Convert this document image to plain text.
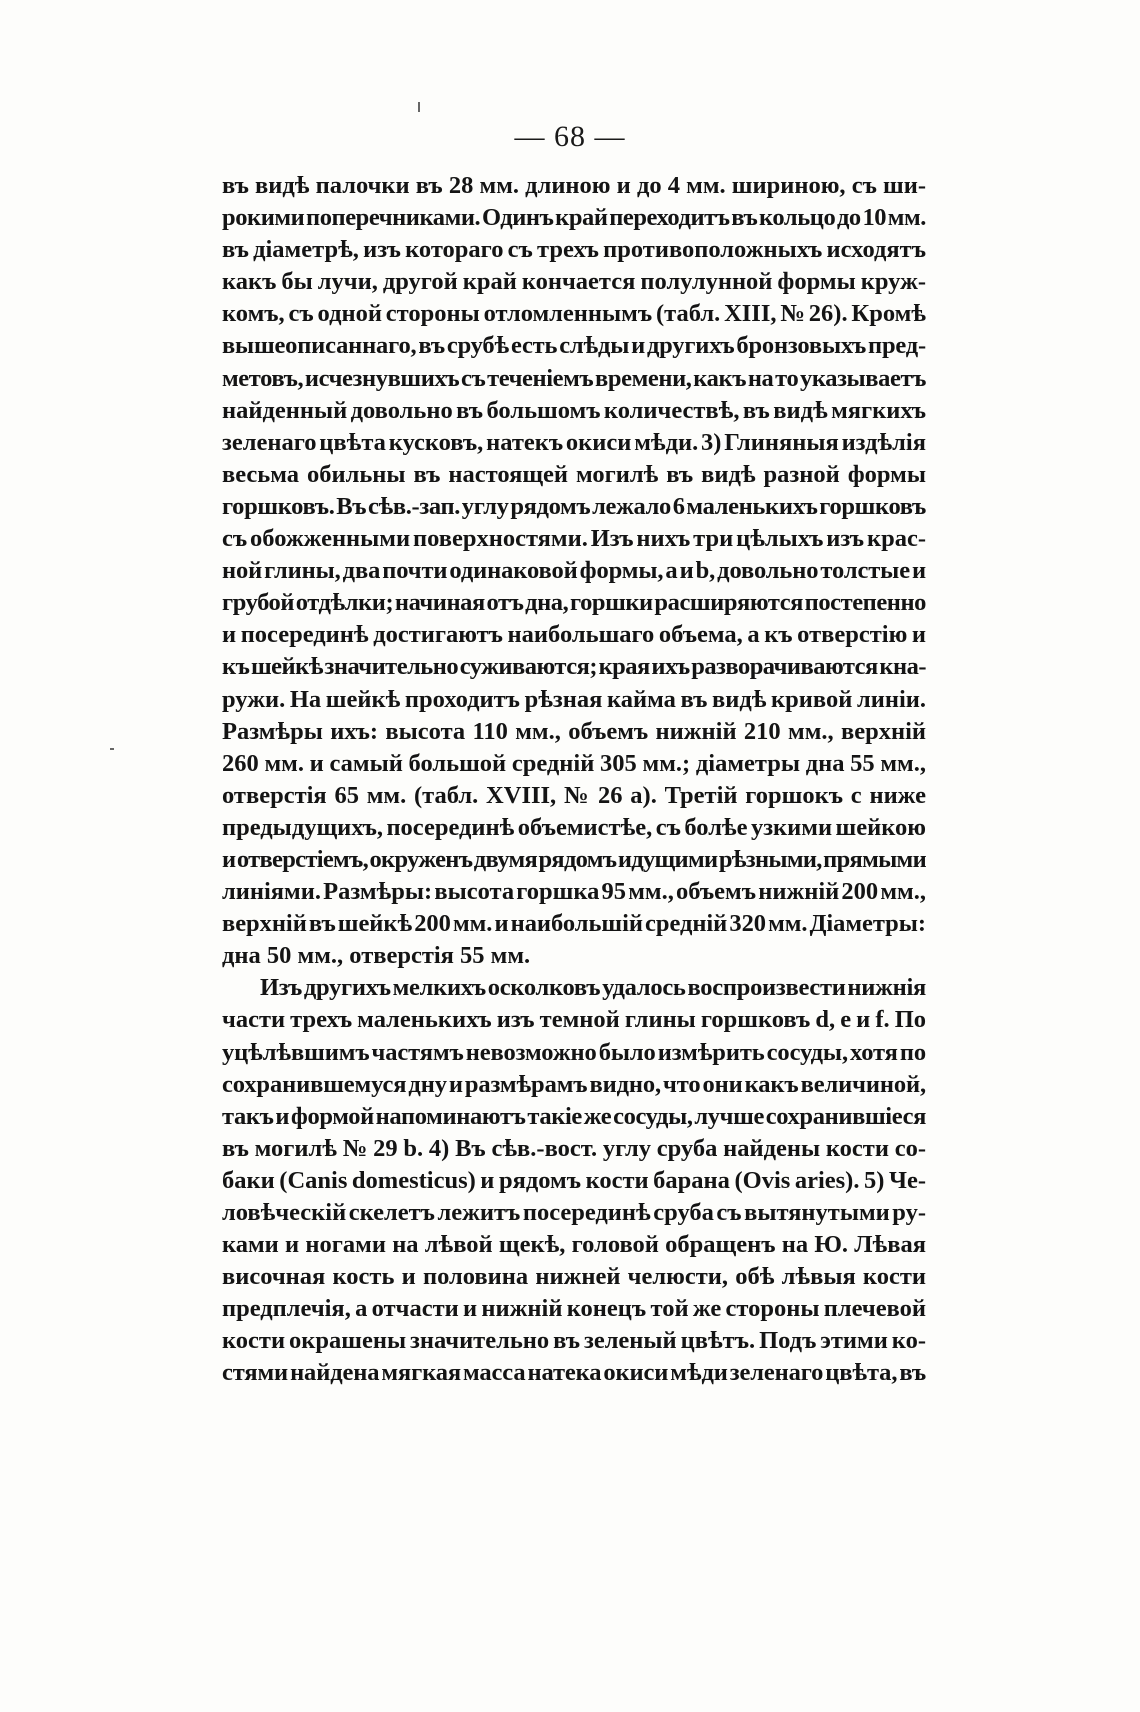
— 68 —
въ видѣ палочки въ 28 мм. длиною и до 4 мм. шириною, съ ши-
рокими поперечниками. Одинъ край переходитъ въ кольцо до 10 мм.
въ діаметрѣ, изъ котораго съ трехъ противоположныхъ исходятъ
какъ бы лучи, другой край кончается полулунной формы круж-
комъ, съ одной стороны отломленнымъ (табл. XIII, № 26). Кромѣ
вышеописаннаго, въ срубѣ есть слѣды и другихъ бронзовыхъ пред-
метовъ, исчезнувшихъ съ теченіемъ времени, какъ на то указываетъ
найденный довольно въ большомъ количествѣ, въ видѣ мягкихъ
зеленаго цвѣта кусковъ, натекъ окиси мѣди. 3) Глиняныя издѣлія
весьма обильны въ настоящей могилѣ въ видѣ разной формы
горшковъ. Въ сѣв.-зап. углу рядомъ лежало 6 маленькихъ горшковъ
съ обожженными поверхностями. Изъ нихъ три цѣлыхъ изъ крас-
ной глины, два почти одинаковой формы, a и b, довольно толстые и
грубой отдѣлки; начиная отъ дна, горшки расширяются постепенно
и посерединѣ достигаютъ наибольшаго объема, а къ отверстію и
къ шейкѣ значительно суживаются; края ихъ разворачиваются кна-
ружи. На шейкѣ проходитъ рѣзная кайма въ видѣ кривой линіи.
Размѣры ихъ: высота 110 мм., объемъ нижній 210 мм., верхній
260 мм. и самый большой средній 305 мм.; діаметры дна 55 мм.,
отверстія 65 мм. (табл. XVIII, № 26 a). Третій горшокъ c ниже
предыдущихъ, посерединѣ объемистѣе, съ болѣе узкими шейкою
и отверстіемъ, окруженъ двумя рядомъ идущими рѣзными, прямыми
линіями. Размѣры: высота горшка 95 мм., объемъ нижній 200 мм.,
верхній въ шейкѣ 200 мм. и наибольшій средній 320 мм. Діаметры:
дна 50 мм., отверстія 55 мм.
Изъ другихъ мелкихъ осколковъ удалось воспроизвести нижнія
части трехъ маленькихъ изъ темной глины горшковъ d, e и f. По
уцѣлѣвшимъ частямъ невозможно было измѣрить сосуды, хотя по
сохранившемуся дну и размѣрамъ видно, что они какъ величиной,
такъ и формой напоминаютъ такіе же сосуды, лучше сохранившіеся
въ могилѣ № 29 b. 4) Въ сѣв.-вост. углу сруба найдены кости со-
баки (Canis domesticus) и рядомъ кости барана (Ovis aries). 5) Че-
ловѣческій скелетъ лежитъ посерединѣ сруба съ вытянутыми ру-
ками и ногами на лѣвой щекѣ, головой обращенъ на Ю. Лѣвая
височная кость и половина нижней челюсти, обѣ лѣвыя кости
предплечія, а отчасти и нижній конецъ той же стороны плечевой
кости окрашены значительно въ зеленый цвѣтъ. Подъ этими ко-
стями найдена мягкая масса натека окиси мѣди зеленаго цвѣта, въ
